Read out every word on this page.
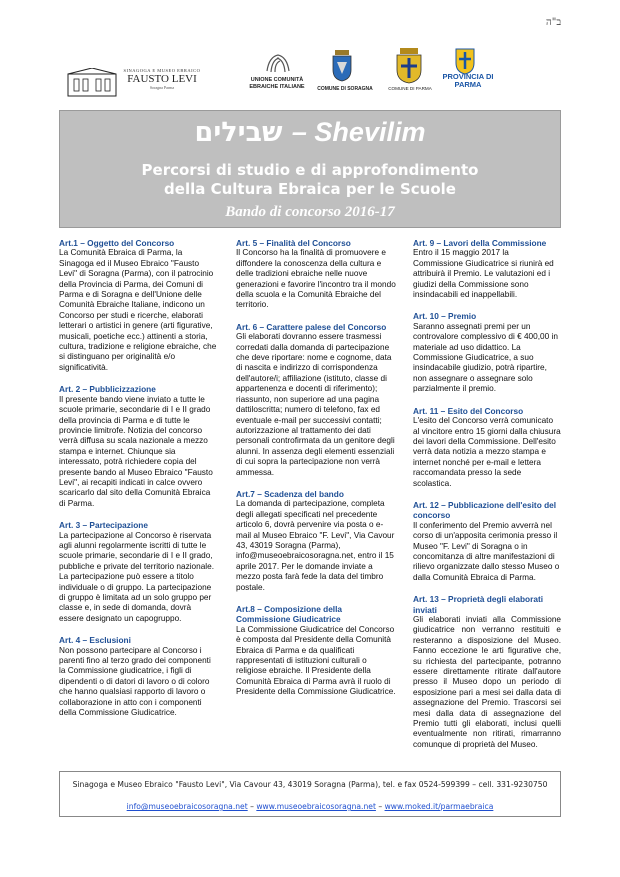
ב"ה
SINAGOGA E MUSEO EBRAICO
FAUSTO LEVI
Soragna Parma
UNIONE COMUNITÀ EBRAICHE ITALIANE	COMUNE DI SORAGNA	COMUNE DI PARMA
PROVINCIA DI PARMA
שבילים – Shevilim
Percorsi di studio e di approfondimento
della Cultura Ebraica per le Scuole
Bando di concorso 2016-17
Art.1 – Oggetto del Concorso
La Comunità Ebraica di Parma, la Sinagoga ed il Museo Ebraico "Fausto Levi" di Soragna (Parma), con il patrocinio della Provincia di Parma, dei Comuni di Parma e di Soragna e dell'Unione delle Comunità Ebraiche Italiane, indicono un Concorso per studi e ricerche, elaborati letterari o artistici in genere (arti figurative, musicali, poetiche ecc.) attinenti a storia, cultura, tradizione e religione ebraiche, che si distinguano per originalità e/o significatività.
Art. 2 – Pubblicizzazione
Il presente bando viene inviato a tutte le scuole primarie, secondarie di I e II grado della provincia di Parma e di tutte le provincie limitrofe. Notizia del concorso verrà diffusa su scala nazionale a mezzo stampa e internet. Chiunque sia interessato, potrà richiedere copia del presente bando al Museo Ebraico "Fausto Levi", ai recapiti indicati in calce ovvero scaricarlo dal sito della Comunità Ebraica di Parma.
Art. 3 – Partecipazione
La partecipazione al Concorso è riservata agli alunni regolarmente iscritti di tutte le scuole primarie, secondarie di I e II grado, pubbliche e private del territorio nazionale. La partecipazione può essere a titolo individuale o di gruppo. La partecipazione di gruppo è limitata ad un solo gruppo per classe e, in sede di domanda, dovrà essere designato un capogruppo.
Art. 4 – Esclusioni
Non possono partecipare al Concorso i parenti fino al terzo grado dei componenti la Commissione giudicatrice, i figli di dipendenti o di datori di lavoro o di coloro che hanno qualsiasi rapporto di lavoro o collaborazione in atto con i componenti della Commissione Giudicatrice.
Art. 5 – Finalità del Concorso
Il Concorso ha la finalità di promuovere e diffondere la conoscenza della cultura e delle tradizioni ebraiche nelle nuove generazioni e favorire l'incontro tra il mondo della scuola e la Comunità Ebraiche del territorio.
Art. 6 – Carattere palese del Concorso
Gli elaborati dovranno essere trasmessi corredati dalla domanda di partecipazione che deve riportare: nome e cognome, data di nascita e indirizzo di corrispondenza dell'autore/i; affiliazione (istituto, classe di appartenenza e docenti di riferimento); riassunto, non superiore ad una pagina dattiloscritta; numero di telefono, fax ed eventuale e-mail per successivi contatti; autorizzazione al trattamento dei dati personali controfirmata da un genitore degli alunni. In assenza degli elementi essenziali di cui sopra la partecipazione non verrà ammessa.
Art.7 – Scadenza del bando
La domanda di partecipazione, completa degli allegati specificati nel precedente articolo 6, dovrà pervenire via posta o e-mail al Museo Ebraico "F. Levi", Via Cavour 43, 43019 Soragna (Parma), info@museoebraicosoragna.net, entro il 15 aprile 2017. Per le domande inviate a mezzo posta farà fede la data del timbro postale.
Art.8 – Composizione della Commissione Giudicatrice
La Commissione Giudicatrice del Concorso è composta dal Presidente della Comunità Ebraica di Parma e da qualificati rappresentati di istituzioni culturali o religiose ebraiche. Il Presidente della Comunità Ebraica di Parma avrà il ruolo di Presidente della Commissione Giudicatrice.
Art. 9 – Lavori della Commissione
Entro il 15 maggio 2017 la Commissione Giudicatrice si riunirà ed attribuirà il Premio. Le valutazioni ed i giudizi della Commissione sono insindacabili ed inappellabili.
Art. 10 – Premio
Saranno assegnati premi per un controvalore complessivo di € 400,00 in materiale ad uso didattico. La Commissione Giudicatrice, a suo insindacabile giudizio, potrà ripartire, non assegnare o assegnare solo parzialmente il premio.
Art. 11 – Esito del Concorso
L'esito del Concorso verrà comunicato al vincitore entro 15 giorni dalla chiusura dei lavori della Commissione. Dell'esito verrà data notizia a mezzo stampa e internet nonché per e-mail e lettera raccomandata presso la sede scolastica.
Art. 12 – Pubblicazione dell'esito del concorso
Il conferimento del Premio avverrà nel corso di un'apposita cerimonia presso il Museo "F. Levi" di Soragna o in concomitanza di altre manifestazioni di rilievo organizzate dallo stesso Museo o dalla Comunità Ebraica di Parma.
Art. 13 – Proprietà degli elaborati inviati
Gli elaborati inviati alla Commissione giudicatrice non verranno restituiti e resteranno a disposizione del Museo. Fanno eccezione le arti figurative che, su richiesta del partecipante, potranno essere direttamente ritirate dall'autore presso il Museo dopo un periodo di esposizione pari a mesi sei dalla data di assegnazione del Premio. Trascorsi sei mesi dalla data di assegnazione del Premio tutti gli elaborati, inclusi quelli eventualmente non ritirati, rimarranno comunque di proprietà del Museo.
Sinagoga e Museo Ebraico "Fausto Levi", Via Cavour 43, 43019 Soragna (Parma), tel. e fax 0524-599399 – cell. 331-9230750
info@museoebraicosoragna.net – www.museoebraicosoragna.net – www.moked.it/parmaebraica
